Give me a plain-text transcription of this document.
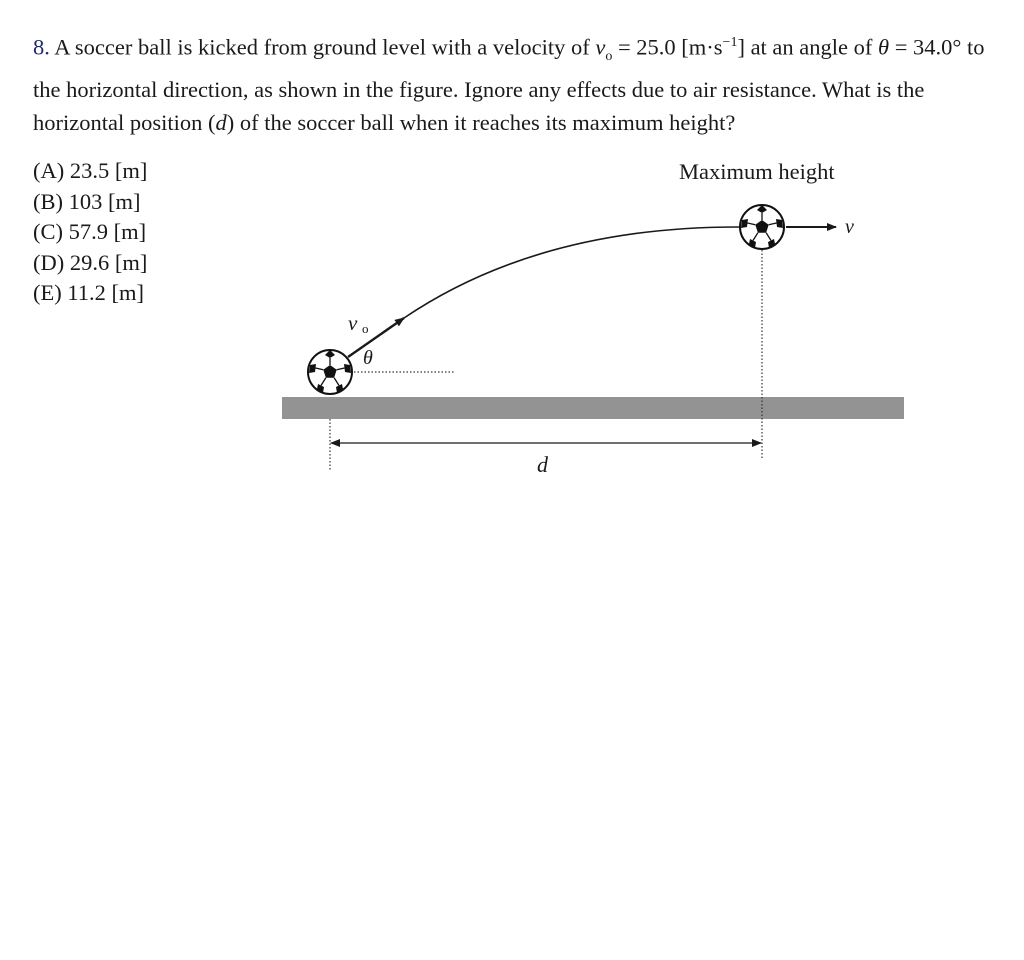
8. A soccer ball is kicked from ground level with a velocity of $v_o = 25.0$ $[m\cdot s^{-1}]$ at an angle of θ = 34.0° to the horizontal direction, as shown in the figure. Ignore any effects due to air resistance. What is the horizontal position (d) of the soccer ball when it reaches its maximum height?
(A) 23.5 [m]
(B) 103 [m]
(C) 57.9 [m]
(D) 29.6 [m]
(E) 11.2 [m]
v o
θ
v
Maximum height
d
